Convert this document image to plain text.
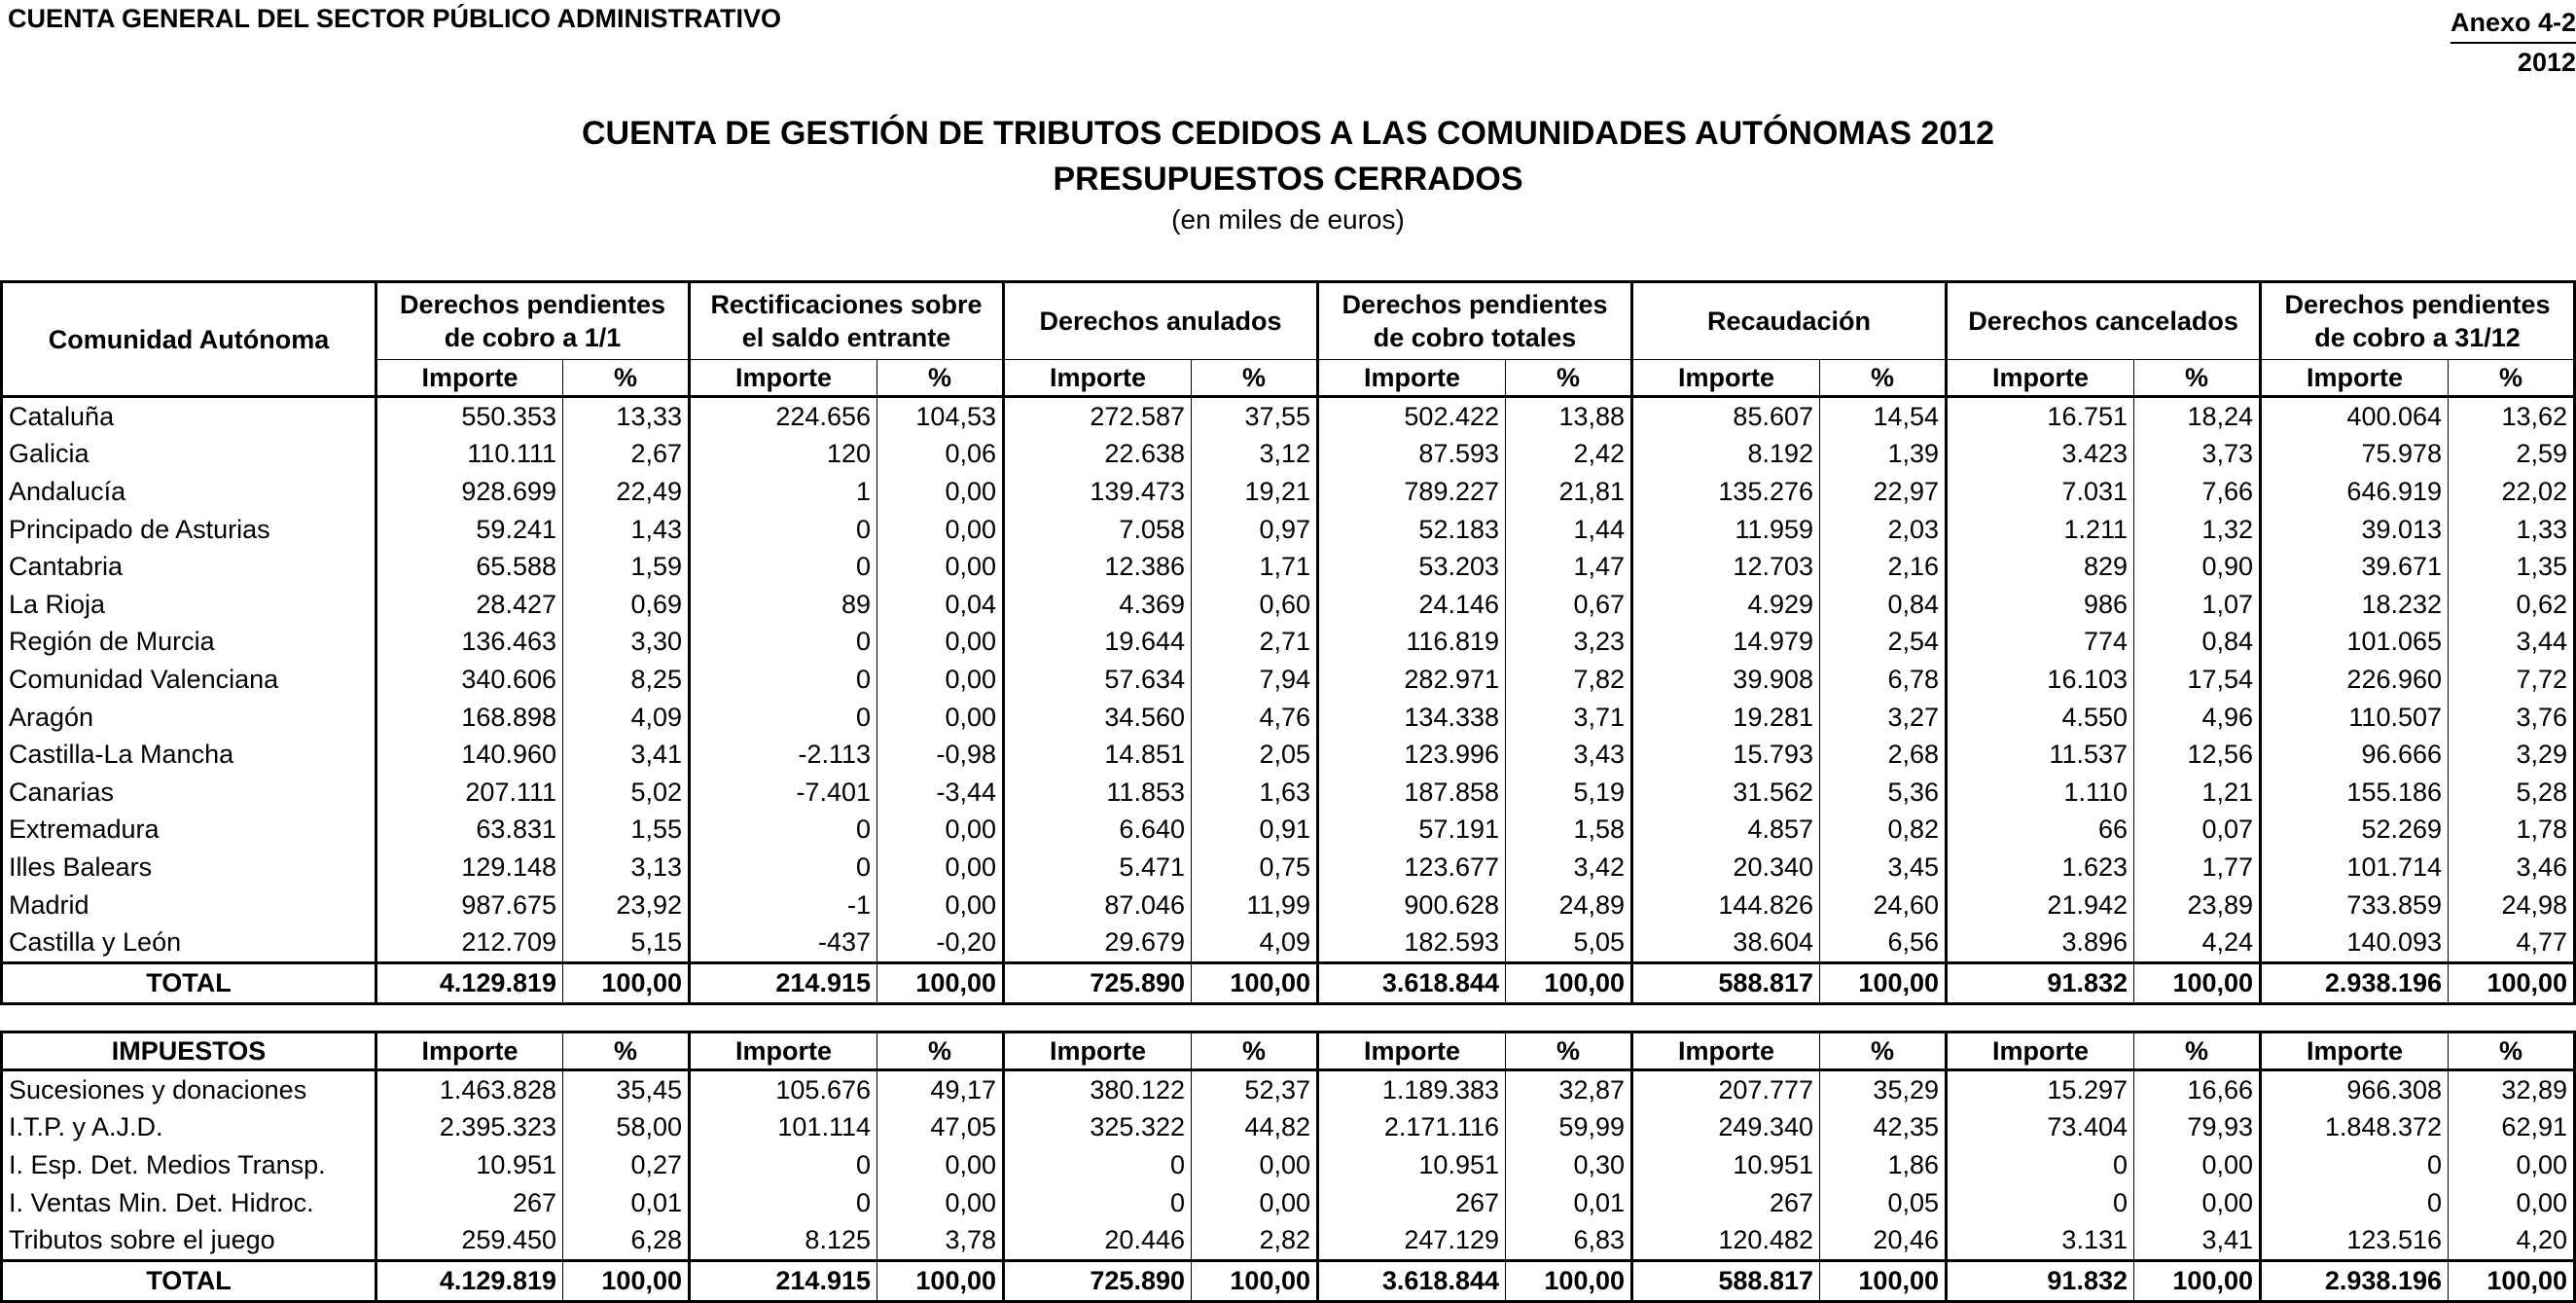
CUENTA GENERAL DEL SECTOR PÚBLICO ADMINISTRATIVO	Anexo 4-2
2012
CUENTA DE GESTIÓN DE TRIBUTOS CEDIDOS A LAS COMUNIDADES AUTÓNOMAS 2012
PRESUPUESTOS CERRADOS
(en miles de euros)
Comunidad Autónoma	Derechos pendientes de cobro a 1/1		Rectificaciones sobre el saldo entrante		Derechos anulados		Derechos pendientes de cobro totales		Recaudación		Derechos cancelados		Derechos pendientes de cobro a 31/12	
	Importe	%	Importe	%	Importe	%	Importe	%	Importe	%	Importe	%	Importe	%
Cataluña	550.353	13,33	224.656	104,53	272.587	37,55	502.422	13,88	85.607	14,54	16.751	18,24	400.064	13,62
Galicia	110.111	2,67	120	0,06	22.638	3,12	87.593	2,42	8.192	1,39	3.423	3,73	75.978	2,59
Andalucía	928.699	22,49	1	0,00	139.473	19,21	789.227	21,81	135.276	22,97	7.031	7,66	646.919	22,02
Principado de Asturias	59.241	1,43	0	0,00	7.058	0,97	52.183	1,44	11.959	2,03	1.211	1,32	39.013	1,33
Cantabria	65.588	1,59	0	0,00	12.386	1,71	53.203	1,47	12.703	2,16	829	0,90	39.671	1,35
La Rioja	28.427	0,69	89	0,04	4.369	0,60	24.146	0,67	4.929	0,84	986	1,07	18.232	0,62
Región de Murcia	136.463	3,30	0	0,00	19.644	2,71	116.819	3,23	14.979	2,54	774	0,84	101.065	3,44
Comunidad Valenciana	340.606	8,25	0	0,00	57.634	7,94	282.971	7,82	39.908	6,78	16.103	17,54	226.960	7,72
Aragón	168.898	4,09	0	0,00	34.560	4,76	134.338	3,71	19.281	3,27	4.550	4,96	110.507	3,76
Castilla-La Mancha	140.960	3,41	-2.113	-0,98	14.851	2,05	123.996	3,43	15.793	2,68	11.537	12,56	96.666	3,29
Canarias	207.111	5,02	-7.401	-3,44	11.853	1,63	187.858	5,19	31.562	5,36	1.110	1,21	155.186	5,28
Extremadura	63.831	1,55	0	0,00	6.640	0,91	57.191	1,58	4.857	0,82	66	0,07	52.269	1,78
Illes Balears	129.148	3,13	0	0,00	5.471	0,75	123.677	3,42	20.340	3,45	1.623	1,77	101.714	3,46
Madrid	987.675	23,92	-1	0,00	87.046	11,99	900.628	24,89	144.826	24,60	21.942	23,89	733.859	24,98
Castilla y León	212.709	5,15	-437	-0,20	29.679	4,09	182.593	5,05	38.604	6,56	3.896	4,24	140.093	4,77
TOTAL	4.129.819	100,00	214.915	100,00	725.890	100,00	3.618.844	100,00	588.817	100,00	91.832	100,00	2.938.196	100,00
IMPUESTOS	Importe	%	Importe	%	Importe	%	Importe	%	Importe	%	Importe	%	Importe	%
Sucesiones y donaciones	1.463.828	35,45	105.676	49,17	380.122	52,37	1.189.383	32,87	207.777	35,29	15.297	16,66	966.308	32,89
I.T.P. y A.J.D.	2.395.323	58,00	101.114	47,05	325.322	44,82	2.171.116	59,99	249.340	42,35	73.404	79,93	1.848.372	62,91
I. Esp. Det. Medios Transp.	10.951	0,27	0	0,00	0	0,00	10.951	0,30	10.951	1,86	0	0,00	0	0,00
I. Ventas Min. Det. Hidroc.	267	0,01	0	0,00	0	0,00	267	0,01	267	0,05	0	0,00	0	0,00
Tributos sobre el juego	259.450	6,28	8.125	3,78	20.446	2,82	247.129	6,83	120.482	20,46	3.131	3,41	123.516	4,20
TOTAL	4.129.819	100,00	214.915	100,00	725.890	100,00	3.618.844	100,00	588.817	100,00	91.832	100,00	2.938.196	100,00
